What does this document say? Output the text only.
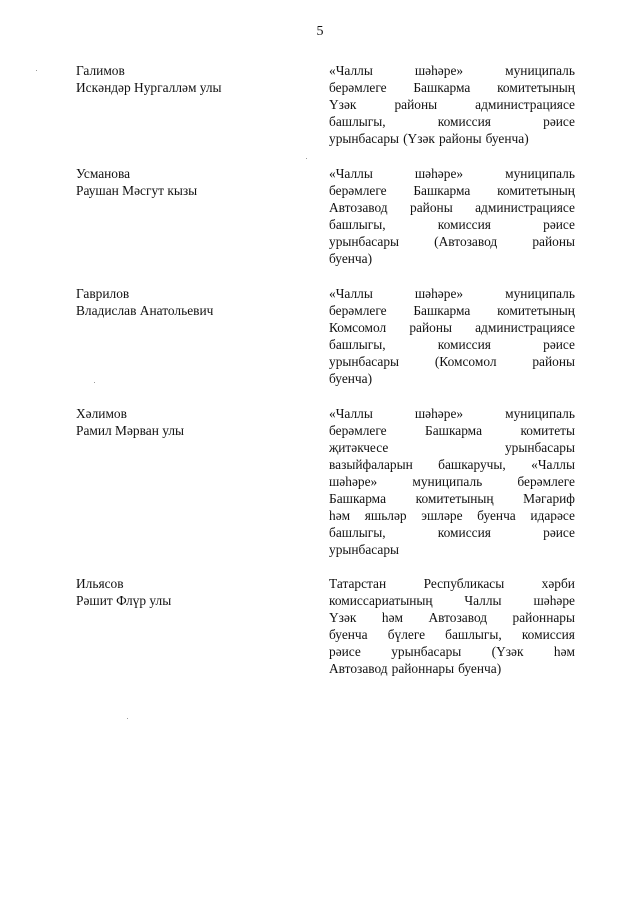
5
Галимов
Искәндәр Нургалләм улы
«Чаллы	шәһәре»	муниципаль
берәмлеге Башкарма комитетының
Үзәк	районы	администрациясе
башлыгы,	комиссия	рәисе
урынбасары (Үзәк районы буенча)
Усманова
Раушан Мәсгут кызы
«Чаллы	шәһәре»	муниципаль
берәмлеге Башкарма комитетының
Автозавод районы администрациясе
башлыгы,	комиссия	рәисе
урынбасары	(Автозавод	районы
буенча)
Гаврилов
Владислав Анатольевич
«Чаллы	шәһәре»	муниципаль
берәмлеге Башкарма комитетының
Комсомол районы администрациясе
башлыгы,	комиссия	рәисе
урынбасары	(Комсомол	районы
буенча)
Хәлимов
Рамил Мәрван улы
«Чаллы	шәһәре»	муниципаль
берәмлеге	Башкарма	комитеты
җитәкчесе	урынбасары
вазыйфаларын башкаручы, «Чаллы
шәһәре»	муниципаль	берәмлеге
Башкарма комитетының Мәгариф
һәм яшьләр эшләре буенча идарәсе
башлыгы,	комиссия	рәисе
урынбасары
Ильясов
Рәшит Флүр улы
Татарстан	Республикасы	хәрби
комиссариатының Чаллы шәһәре
Үзәк һәм Автозавод районнары
буенча бүлеге башлыгы, комиссия
рәисе урынбасары (Үзәк һәм
Автозавод районнары буенча)
